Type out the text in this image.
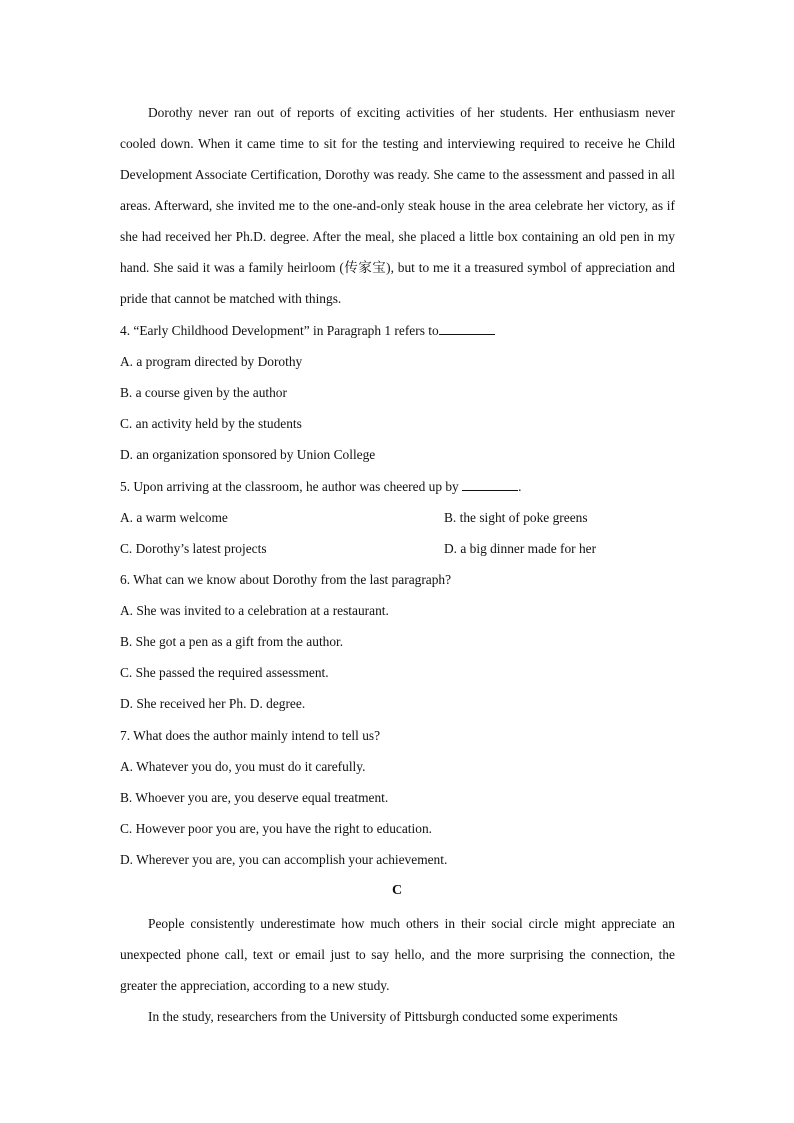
Dorothy never ran out of reports of exciting activities of her students. Her enthusiasm never cooled down. When it came time to sit for the testing and interviewing required to receive he Child Development Associate Certification, Dorothy was ready. She came to the assessment and passed in all areas. Afterward, she invited me to the one-and-only steak house in the area celebrate her victory, as if she had received her Ph.D. degree. After the meal, she placed a little box containing an old pen in my hand. She said it was a family heirloom (传家宝), but to me it a treasured symbol of appreciation and pride that cannot be matched with things.

4. “Early Childhood Development” in Paragraph 1 refers to

A. a program directed by Dorothy

B. a course given by the author

C. an activity held by the students

D. an organization sponsored by Union College

5. Upon arriving at the classroom, he author was cheered up by	.

A. a warm welcome	B. the sight of poke greens

C. Dorothy’s latest projects	D. a big dinner made for her

6. What can we know about Dorothy from the last paragraph?

A. She was invited to a celebration at a restaurant.

B. She got a pen as a gift from the author.

C. She passed the required assessment.

D. She received her Ph. D. degree.

7. What does the author mainly intend to tell us?

A. Whatever you do, you must do it carefully.

B. Whoever you are, you deserve equal treatment.

C. However poor you are, you have the right to education.

D. Wherever you are, you can accomplish your achievement.

C

People consistently underestimate how much others in their social circle might appreciate an unexpected phone call, text or email just to say hello, and the more surprising the connection, the greater the appreciation, according to a new study.

In the study, researchers from the University of Pittsburgh conducted some experiments
